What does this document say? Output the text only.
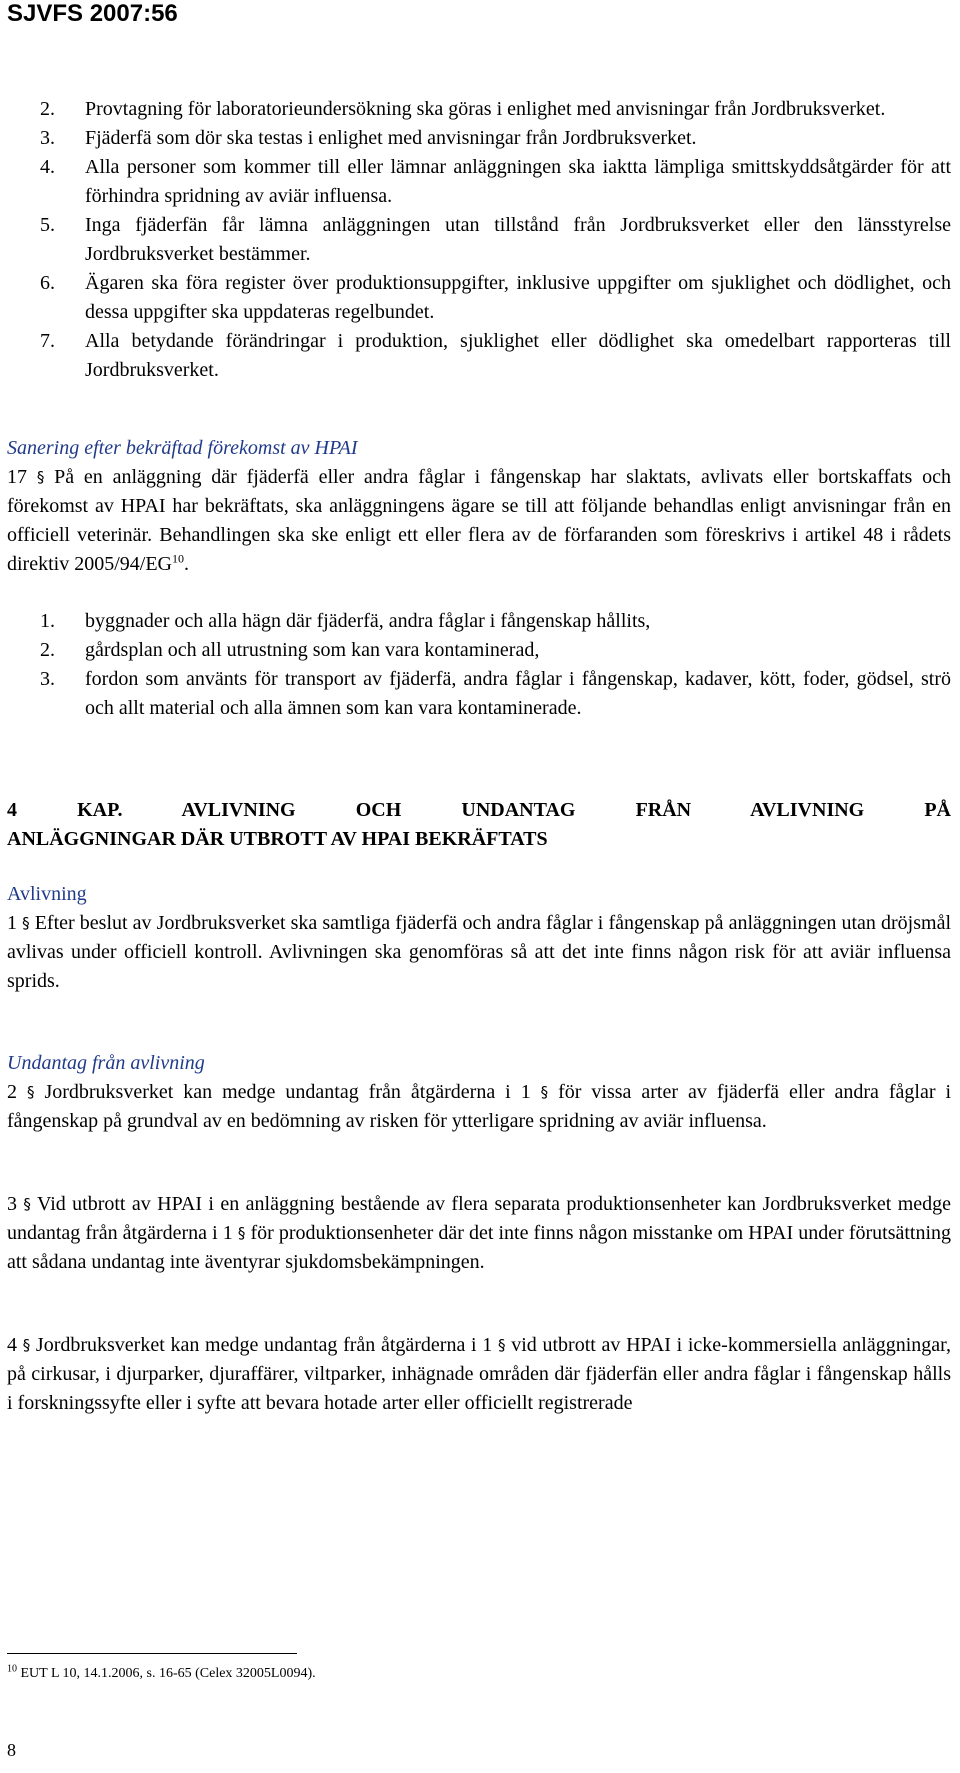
SJVFS 2007:56
2. Provtagning för laboratorieundersökning ska göras i enlighet med anvisningar från Jordbruksverket.
3. Fjäderfä som dör ska testas i enlighet med anvisningar från Jordbruksverket.
4. Alla personer som kommer till eller lämnar anläggningen ska iaktta lämpliga smittskyddsåtgärder för att förhindra spridning av aviär influensa.
5. Inga fjäderfän får lämna anläggningen utan tillstånd från Jordbruksverket eller den länsstyrelse Jordbruksverket bestämmer.
6. Ägaren ska föra register över produktionsuppgifter, inklusive uppgifter om sjuklighet och dödlighet, och dessa uppgifter ska uppdateras regelbundet.
7. Alla betydande förändringar i produktion, sjuklighet eller dödlighet ska omedelbart rapporteras till Jordbruksverket.
Sanering efter bekräftad förekomst av HPAI
17 § På en anläggning där fjäderfä eller andra fåglar i fångenskap har slaktats, avlivats eller bortskaffats och förekomst av HPAI har bekräftats, ska anläggningens ägare se till att följande behandlas enligt anvisningar från en officiell veterinär. Behandlingen ska ske enligt ett eller flera av de förfaranden som föreskrivs i artikel 48 i rådets direktiv 2005/94/EG$^{10}$.
1. byggnader och alla hägn där fjäderfä, andra fåglar i fångenskap hållits,
2. gårdsplan och all utrustning som kan vara kontaminerad,
3. fordon som använts för transport av fjäderfä, andra fåglar i fångenskap, kadaver, kött, foder, gödsel, strö och allt material och alla ämnen som kan vara kontaminerade.
4 KAP. AVLIVNING OCH UNDANTAG FRÅN AVLIVNING PÅ
ANLÄGGNINGAR DÄR UTBROTT AV HPAI BEKRÄFTATS
Avlivning
1 § Efter beslut av Jordbruksverket ska samtliga fjäderfä och andra fåglar i fångenskap på anläggningen utan dröjsmål avlivas under officiell kontroll. Avlivningen ska genomföras så att det inte finns någon risk för att aviär influensa sprids.
Undantag från avlivning
2 § Jordbruksverket kan medge undantag från åtgärderna i 1 § för vissa arter av fjäderfä eller andra fåglar i fångenskap på grundval av en bedömning av risken för ytterligare spridning av aviär influensa.
3 § Vid utbrott av HPAI i en anläggning bestående av flera separata produktionsenheter kan Jordbruksverket medge undantag från åtgärderna i 1 § för produktionsenheter där det inte finns någon misstanke om HPAI under förutsättning att sådana undantag inte äventyrar sjukdomsbekämpningen.
4 § Jordbruksverket kan medge undantag från åtgärderna i 1 § vid utbrott av HPAI i icke-kommersiella anläggningar, på cirkusar, i djurparker, djuraffärer, viltparker, inhägnade områden där fjäderfän eller andra fåglar i fångenskap hålls i forskningssyfte eller i syfte att bevara hotade arter eller officiellt registrerade
$^{10}$ EUT L 10, 14.1.2006, s. 16-65 (Celex 32005L0094).
8
